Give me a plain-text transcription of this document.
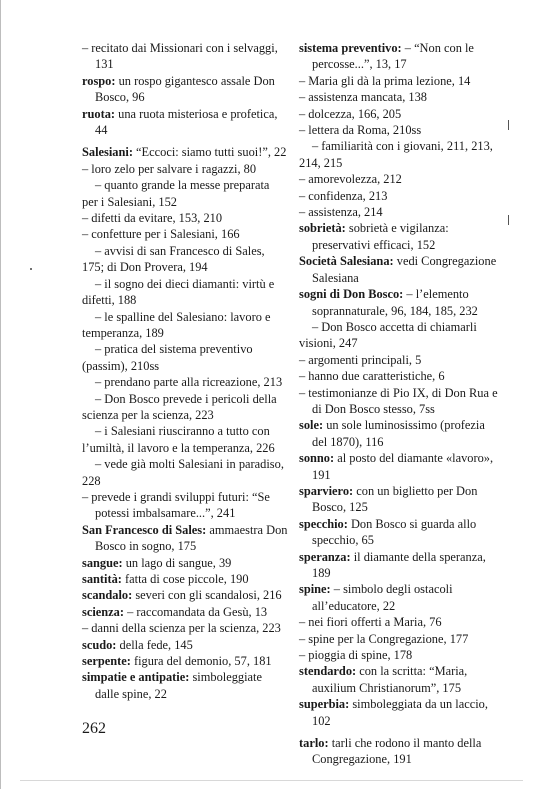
– recitato dai Missionari con i selvaggi, 131
rospo: un rospo gigantesco assale Don Bosco, 96
ruota: una ruota misteriosa e profetica, 44
Salesiani: “Eccoci: siamo tutti suoi!”, 22
– loro zelo per salvare i ragazzi, 80
– quanto grande la messe preparata per i Salesiani, 152
– difetti da evitare, 153, 210
– confetture per i Salesiani, 166
– avvisi di san Francesco di Sales, 175; di Don Provera, 194
– il sogno dei dieci diamanti: virtù e difetti, 188
– le spalline del Salesiano: lavoro e temperanza, 189
– pratica del sistema preventivo (passim), 210ss
– prendano parte alla ricreazione, 213
– Don Bosco prevede i pericoli della scienza per la scienza, 223
– i Salesiani riusciranno a tutto con l’umiltà, il lavoro e la temperanza, 226
– vede già molti Salesiani in paradiso, 228
– prevede i grandi sviluppi futuri: “Se potessi imbalsamare...”, 241
San Francesco di Sales: ammaestra Don Bosco in sogno, 175
sangue: un lago di sangue, 39
santità: fatta di cose piccole, 190
scandalo: severi con gli scandalosi, 216
scienza: – raccomandata da Gesù, 13
– danni della scienza per la scienza, 223
scudo: della fede, 145
serpente: figura del demonio, 57, 181
simpatie e antipatie: simboleggiate dalle spine, 22
sistema preventivo: – “Non con le percosse...”, 13, 17
– Maria gli dà la prima lezione, 14
– assistenza mancata, 138
– dolcezza, 166, 205
– lettera da Roma, 210ss
– familiarità con i giovani, 211, 213, 214, 215
– amorevolezza, 212
– confidenza, 213
– assistenza, 214
sobrietà: sobrietà e vigilanza: preservativi efficaci, 152
Società Salesiana: vedi Congregazione Salesiana
sogni di Don Bosco: – l’elemento soprannaturale, 96, 184, 185, 232
– Don Bosco accetta di chiamarli visioni, 247
– argomenti principali, 5
– hanno due caratteristiche, 6
– testimonianze di Pio IX, di Don Rua e di Don Bosco stesso, 7ss
sole: un sole luminosissimo (profezia del 1870), 116
sonno: al posto del diamante «lavoro», 191
sparviero: con un biglietto per Don Bosco, 125
specchio: Don Bosco si guarda allo specchio, 65
speranza: il diamante della speranza, 189
spine: – simbolo degli ostacoli all’educatore, 22
– nei fiori offerti a Maria, 76
– spine per la Congregazione, 177
– pioggia di spine, 178
stendardo: con la scritta: “Maria, auxilium Christianorum”, 175
superbia: simboleggiata da un laccio, 102
tarlo: tarli che rodono il manto della Congregazione, 191
262
